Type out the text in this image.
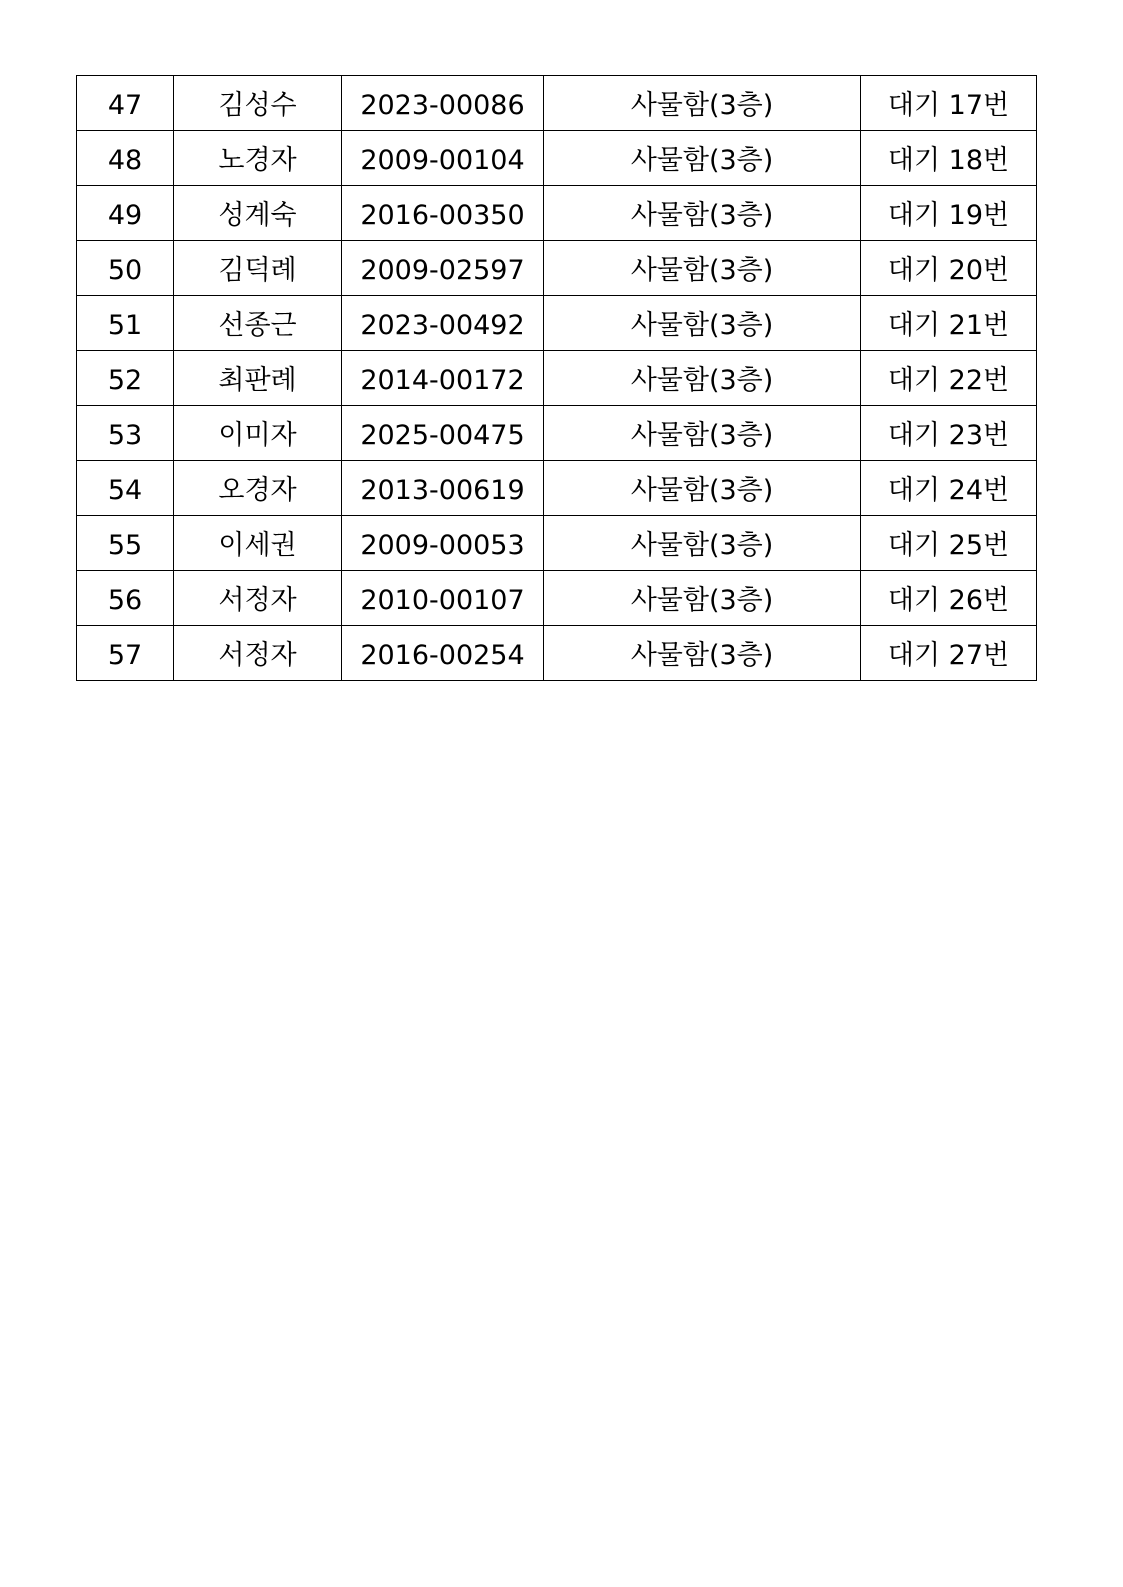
47	김성수	2023-00086	사물함(3층)	대기 17번
48	노경자	2009-00104	사물함(3층)	대기 18번
49	성계숙	2016-00350	사물함(3층)	대기 19번
50	김덕례	2009-02597	사물함(3층)	대기 20번
51	선종근	2023-00492	사물함(3층)	대기 21번
52	최판례	2014-00172	사물함(3층)	대기 22번
53	이미자	2025-00475	사물함(3층)	대기 23번
54	오경자	2013-00619	사물함(3층)	대기 24번
55	이세권	2009-00053	사물함(3층)	대기 25번
56	서정자	2010-00107	사물함(3층)	대기 26번
57	서정자	2016-00254	사물함(3층)	대기 27번
